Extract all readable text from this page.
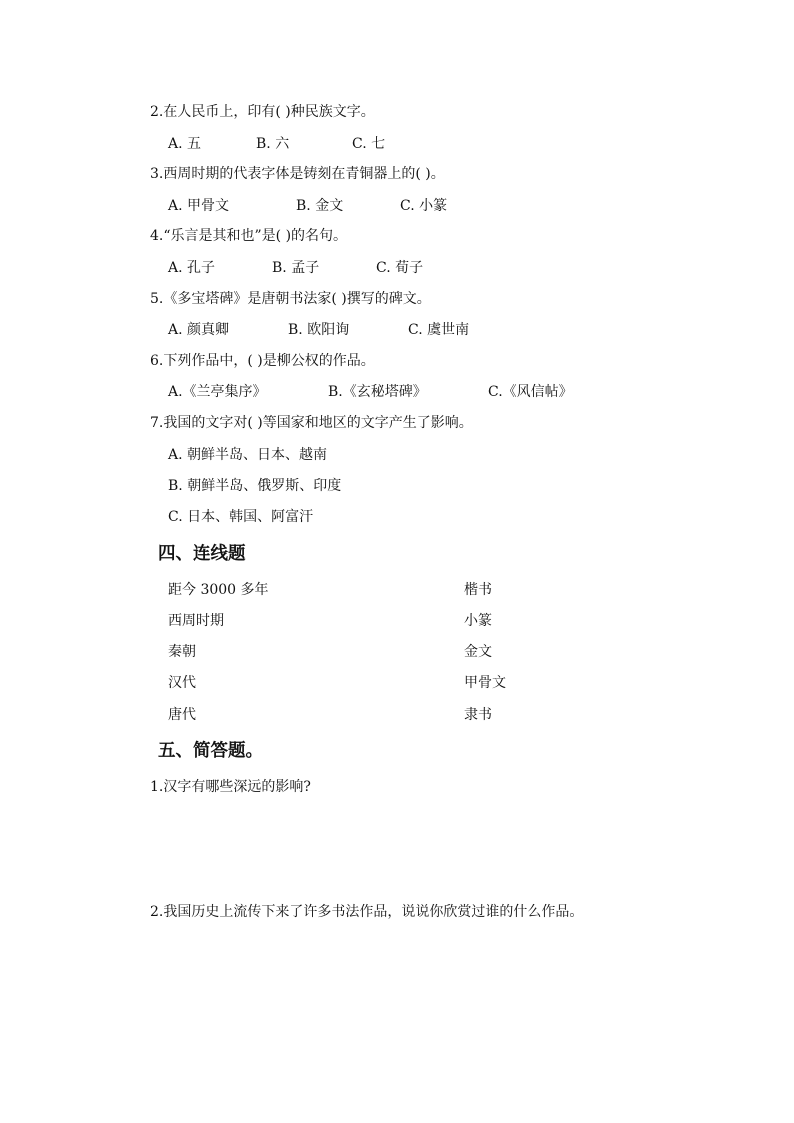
2.在人民币上，印有( )种民族文字。
A. 五	B. 六	C. 七
3.西周时期的代表字体是铸刻在青铜器上的( )。
A. 甲骨文	B. 金文	C. 小篆
4.“乐言是其和也”是( )的名句。
A. 孔子	B. 孟子	C. 荀子
5.《多宝塔碑》是唐朝书法家( )撰写的碑文。
A. 颜真卿	B. 欧阳询	C. 虞世南
6.下列作品中，( )是柳公权的作品。
A.《兰亭集序》	B.《玄秘塔碑》	C.《风信帖》
7.我国的文字对( )等国家和地区的文字产生了影响。
A. 朝鲜半岛、日本、越南
B. 朝鲜半岛、俄罗斯、印度
C. 日本、韩国、阿富汗
四、连线题
距今 3000 多年
西周时期
秦朝
汉代
唐代
楷书
小篆
金文
甲骨文
隶书
五、简答题。
1.汉字有哪些深远的影响?
2.我国历史上流传下来了许多书法作品，说说你欣赏过谁的什么作品。
